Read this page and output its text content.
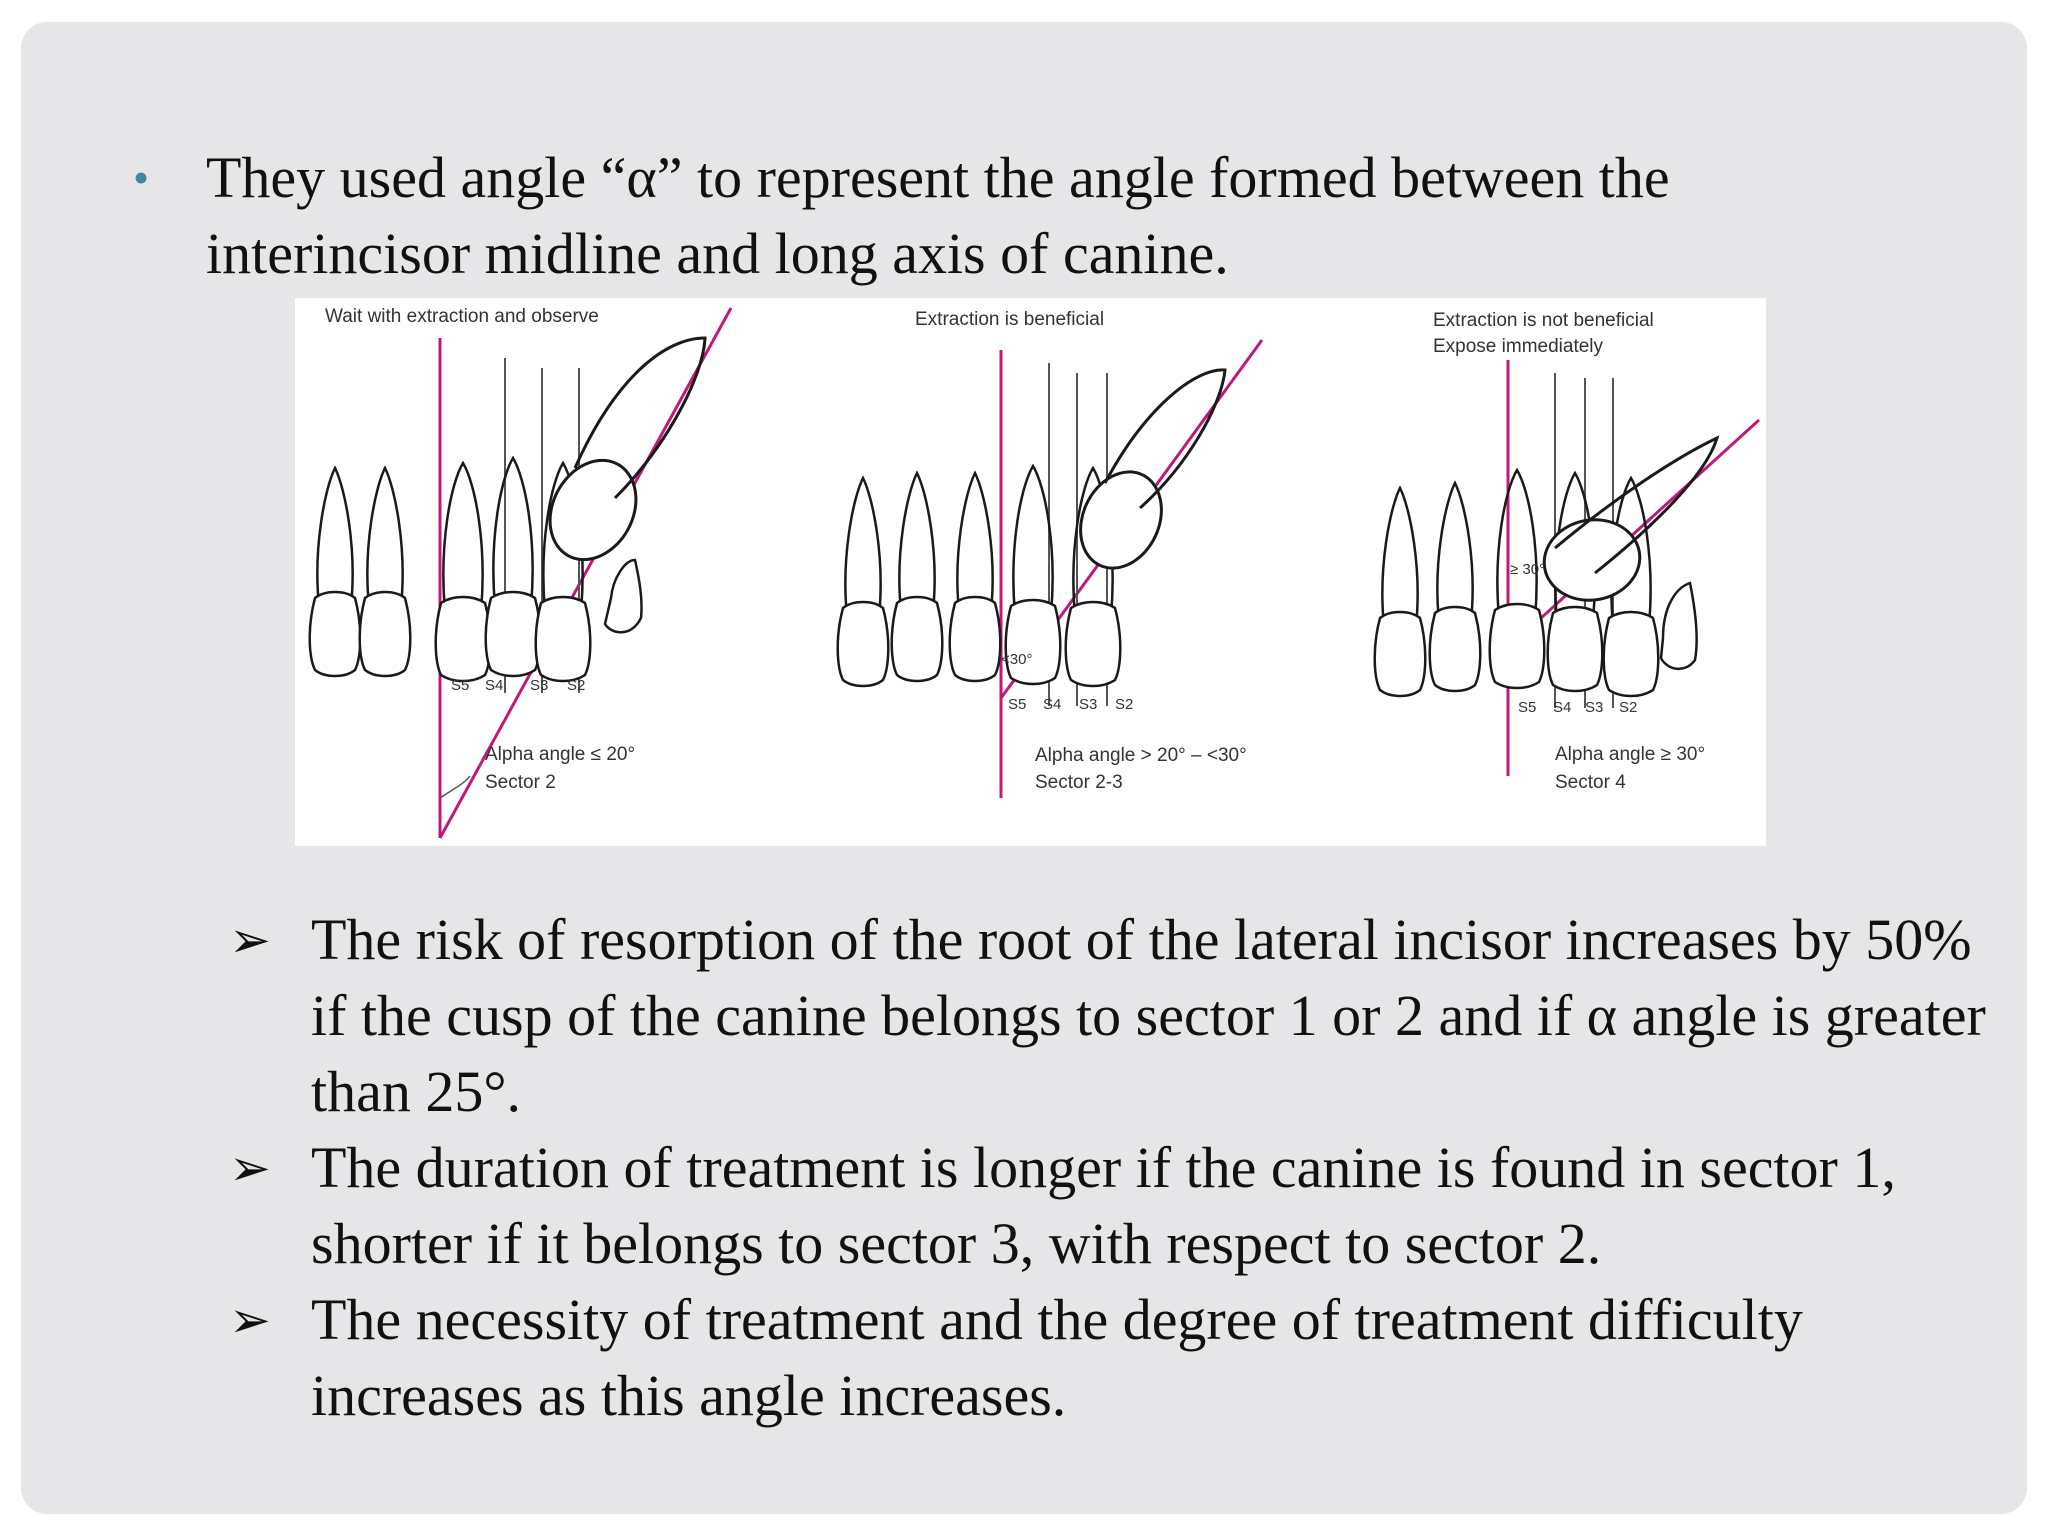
• They used angle “α” to represent the angle formed between the interincisor midline and long axis of canine.
Wait with extraction and observe
S5 S4 S3 S2
Alpha angle ≤ 20°
Sector 2
Extraction is beneficial
<30°
S5 S4 S3 S2
Alpha angle > 20° – <30°
Sector 2-3
Extraction is not beneficial
Expose immediately
≥ 30°
S5 S4 S3 S2
Alpha angle ≥ 30°
Sector 4
➢ The risk of resorption of the root of the lateral incisor increases by 50% if the cusp of the canine belongs to sector 1 or 2 and if α angle is greater than 25°.
➢ The duration of treatment is longer if the canine is found in sector 1, shorter if it belongs to sector 3, with respect to sector 2.
➢ The necessity of treatment and the degree of treatment difficulty increases as this angle increases.
